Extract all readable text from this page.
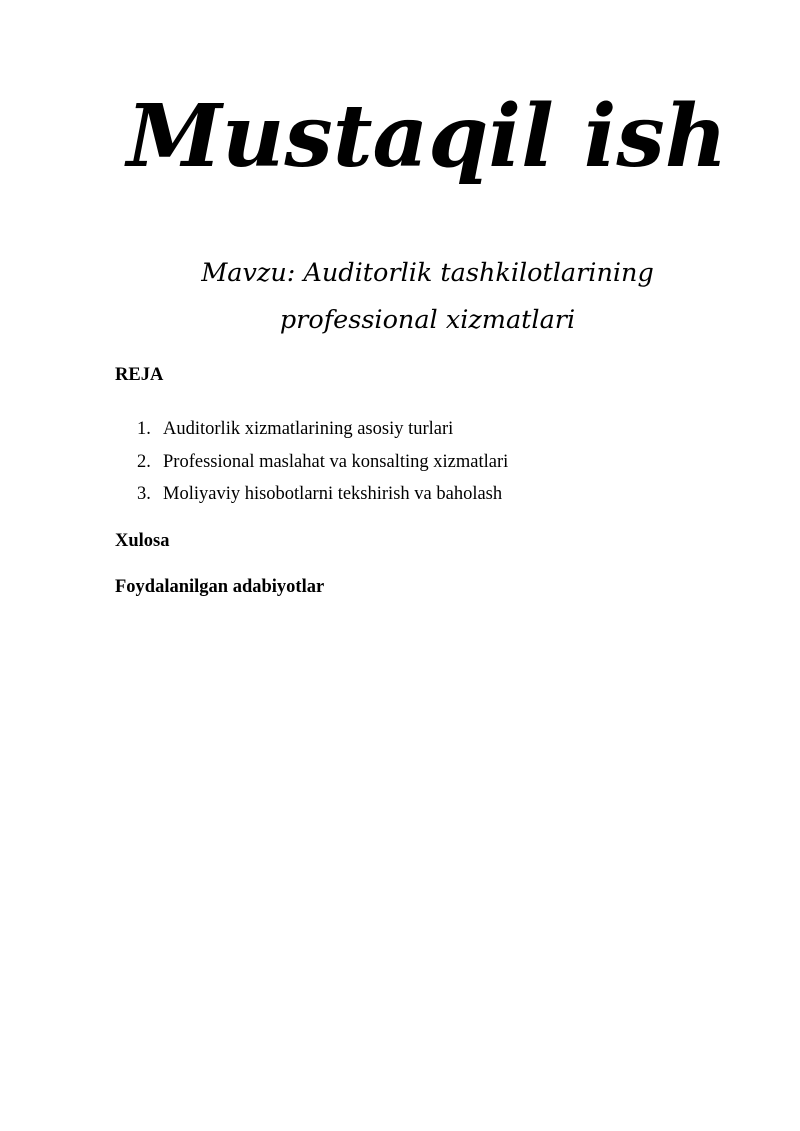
Mustaqil ish
Mavzu: Auditorlik tashkilotlarining professional xizmatlari
REJA
1. Auditorlik xizmatlarining asosiy turlari
2. Professional maslahat va konsalting xizmatlari
3. Moliyaviy hisobotlarni tekshirish va baholash
Xulosa
Foydalanilgan adabiyotlar
